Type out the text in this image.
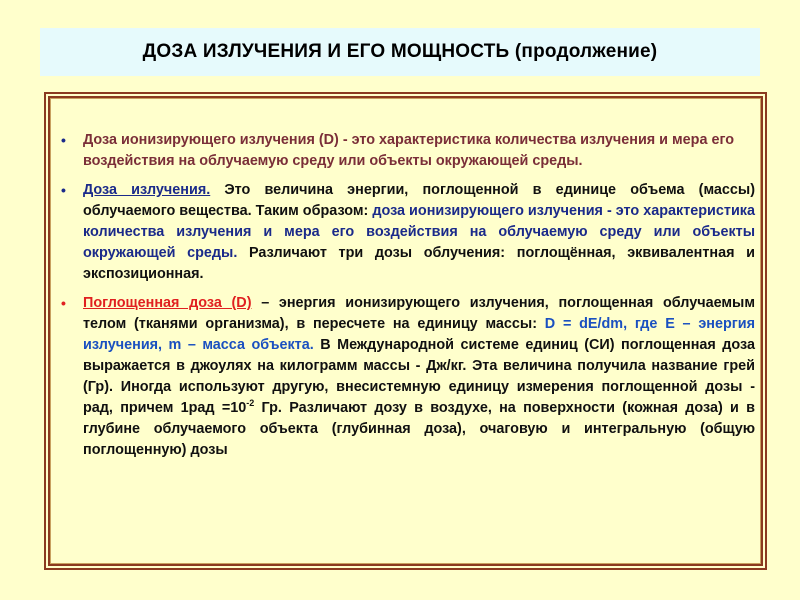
ДОЗА ИЗЛУЧЕНИЯ И ЕГО МОЩНОСТЬ (продолжение)
• Доза ионизирующего излучения (D) - это характеристика количества излучения и мера его воздействия на облучаемую среду или объекты окружающей среды.
• Доза излучения. Это величина энергии, поглощенной в единице объема (массы) облучаемого вещества. Таким образом: доза ионизирующего излучения - это характеристика количества излучения и мера его воздействия на облучаемую среду или объекты окружающей среды. Различают три дозы облучения: поглощённая, эквивалентная и экспозиционная.
• Поглощенная доза (D) – энергия ионизирующего излучения, поглощенная облучаемым телом (тканями организма), в пересчете на единицу массы: D = dE/dm, где Е – энергия излучения, m – масса объекта. В Международной системе единиц (СИ) поглощенная доза выражается в джоулях на килограмм массы - Дж/кг. Эта величина получила название грей (Гр). Иногда используют другую, внесистемную единицу измерения поглощенной дозы - рад, причем $1рад =10^{-2}$ Гр. Различают дозу в воздухе, на поверхности (кожная доза) и в глубине облучаемого объекта (глубинная доза), очаговую и интегральную (общую поглощенную) дозы
